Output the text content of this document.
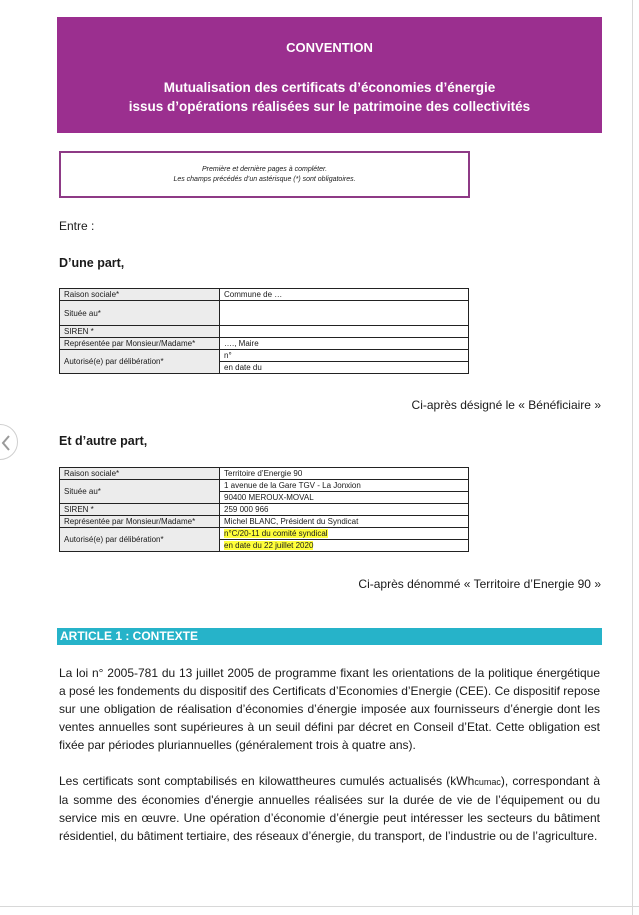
CONVENTION
Mutualisation des certificats d’économies d’énergie
issus d’opérations réalisées sur le patrimoine des collectivités
Première et dernière pages à compléter.
Les champs précédés d’un astérisque (*) sont obligatoires.
Entre :
D’une part,
Raison sociale*	Commune de …
Située au*	
SIREN *	
Représentée par Monsieur/Madame*	…., Maire
Autorisé(e) par délibération*	n°
	en date du
Ci-après désigné le « Bénéficiaire »
Et d’autre part,
Raison sociale*	Territoire d’Energie 90
Située au*	1 avenue de la Gare TGV - La Jonxion
	90400 MEROUX-MOVAL
SIREN *	259 000 966
Représentée par Monsieur/Madame*	Michel BLANC, Président du Syndicat
Autorisé(e) par délibération*	n°C/20-11 du comité syndical
	en date du 22 juillet 2020
Ci-après dénommé « Territoire d’Energie 90 »
ARTICLE 1 : CONTEXTE

La loi n° 2005-781 du 13 juillet 2005 de programme fixant les orientations de la politique énergétique a posé les fondements du dispositif des Certificats d’Economies d’Energie (CEE). Ce dispositif repose sur une obligation de réalisation d’économies d’énergie imposée aux fournisseurs d’énergie dont les ventes annuelles sont supérieures à un seuil défini par décret en Conseil d’Etat. Cette obligation est fixée par périodes pluriannuelles (généralement trois à quatre ans).

Les certificats sont comptabilisés en kilowattheures cumulés actualisés (kWhcumac), correspondant à la somme des économies d'énergie annuelles réalisées sur la durée de vie de l’équipement ou du service mis en œuvre. Une opération d’économie d’énergie peut intéresser les secteurs du bâtiment résidentiel, du bâtiment tertiaire, des réseaux d’énergie, du transport, de l’industrie ou de l’agriculture.
